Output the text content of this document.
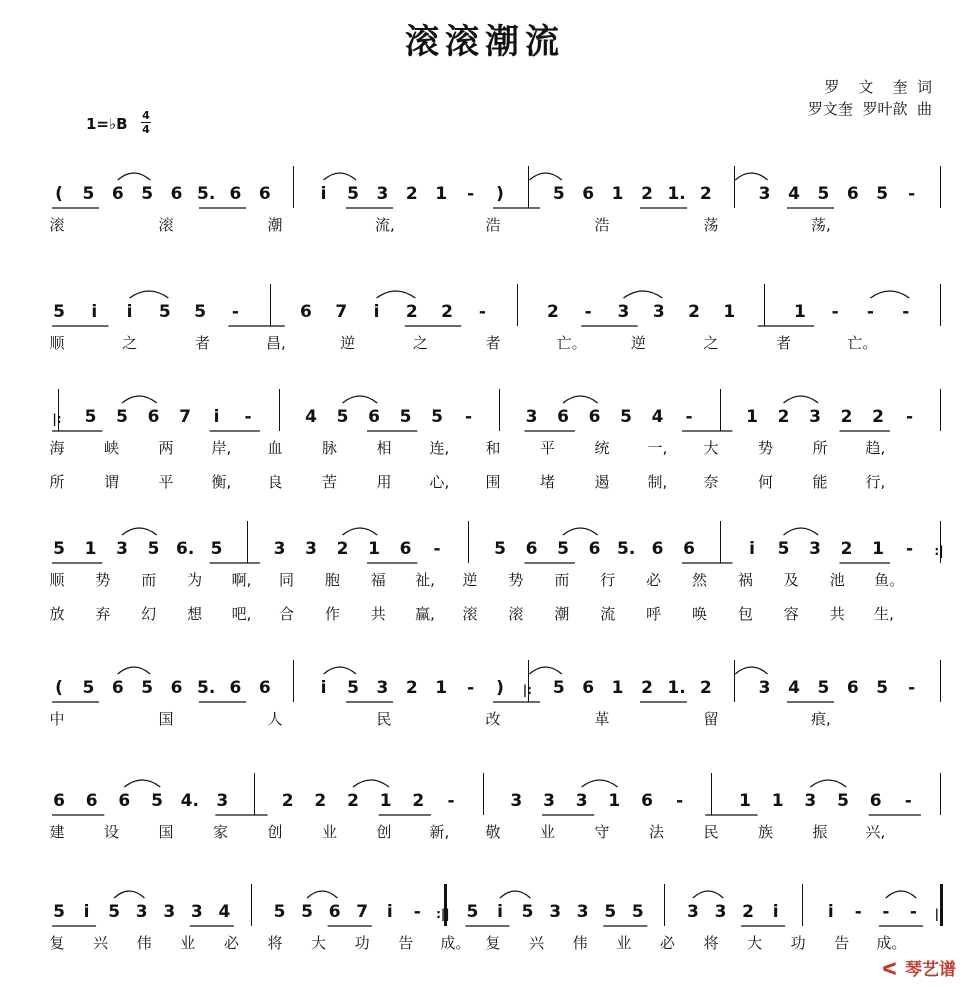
滚滚潮流
罗    文    奎  词
罗文奎  罗叶歆  曲
1=♭B 4
4
(	5 6 5 6 5. 6 6	i	5 3 2 1	-	)	5 6 1 2 1. 2	3 4 5 6 5	-
滚	滚	潮	流,	浩	浩	荡	荡,
5	i	i	5 5	-	6 7	i	2 2	-	2	-	3 3 2 1	1	-	-	-
顺	之	者	昌,	逆	之	者	亡。	逆	之	者	亡。
|: 5 5 6 7	i	-	4 5 6 5 5	-	3 6 6 5 4	-	1 2 3 2 2	-
海	峡	两	岸, 血	脉	相	连, 和	平	统	一, 大	势	所	趋,
所	谓	平	衡, 良	苦	用	心, 围	堵	遏	制, 奈	何	能	行,
5 1 3 5 6. 5	3 3 2 1 6	-	5 6 5 6 5. 6 6	i	5 3 2 1	-	:|
顺 势 而 为 啊, 同 胞 福 祉, 逆 势 而 行 必 然 祸 及 池 鱼。
放 弃 幻 想 吧, 合 作 共 赢, 滚 滚 潮 流 呼 唤 包 容 共 生,
(	5 6 5 6 5. 6 6	i	5 3 2 1	-	)	|: 5 6 1 2 1. 2	3 4 5 6 5	-
中	国	人	民	改	革	留	痕,
6 6 6 5 4. 3	2 2 2 1 2	-	3 3 3 1 6	-	1 1 3 5 6	-
建	设	国	家	创	业	创	新, 敬	业	守	法	民	族	振	兴,
5	i	5 3 3 3 4	5 5 6 7	i	-	:|| 5	i	5 3 3 5 5	3 3 2	i	i	-	-	-	||
复 兴 伟 业 必 将 大 功 告 成。 复 兴 伟 业 必 将 大 功 告 成。
ᐸ 琴艺谱
